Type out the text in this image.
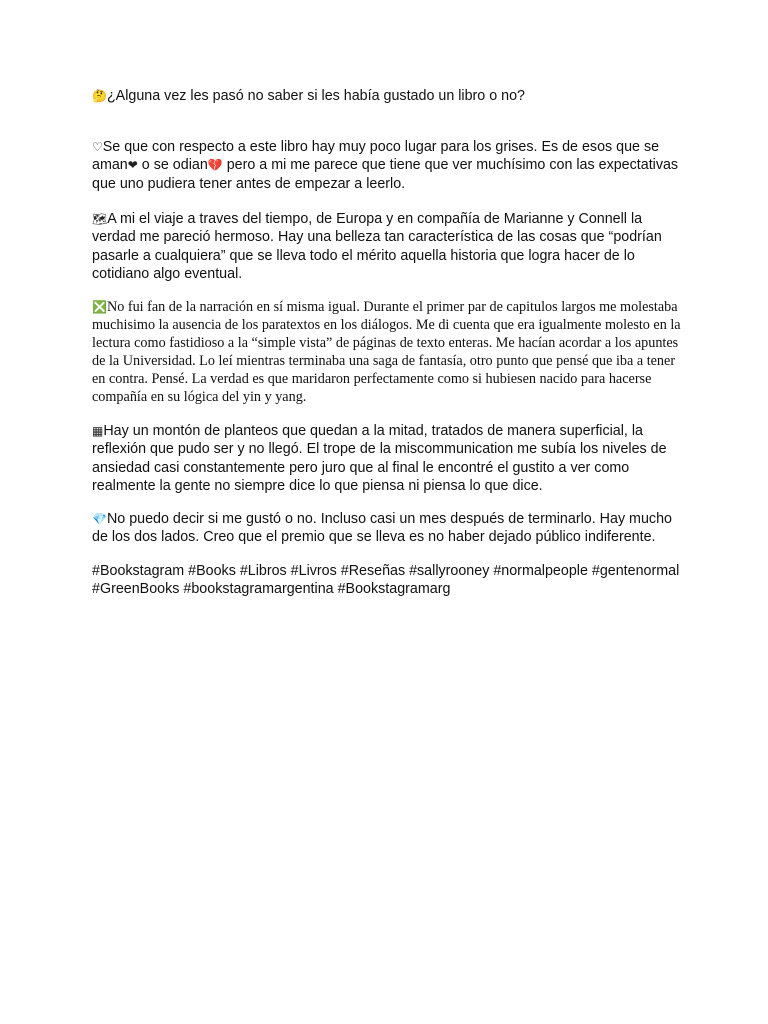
🤔¿Alguna vez les pasó no saber si les había gustado un libro o no?

♡Se que con respecto a este libro hay muy poco lugar para los grises. Es de esos que se aman❤ o se odian💔 pero a mi me parece que tiene que ver muchísimo con las expectativas que uno pudiera tener antes de empezar a leerlo.

🗺A mi el viaje a traves del tiempo, de Europa y en compañía de Marianne y Connell la verdad me pareció hermoso. Hay una belleza tan característica de las cosas que “podrían pasarle a cualquiera” que se lleva todo el mérito aquella historia que logra hacer de lo cotidiano algo eventual.

❎No fui fan de la narración en sí misma igual. Durante el primer par de capitulos largos me molestaba muchisimo la ausencia de los paratextos en los diálogos. Me di cuenta que era igualmente molesto en la lectura como fastidioso a la “simple vista” de páginas de texto enteras. Me hacían acordar a los apuntes de la Universidad. Lo leí mientras terminaba una saga de fantasía, otro punto que pensé que iba a tener en contra. Pensé. La verdad es que maridaron perfectamente como si hubiesen nacido para hacerse compañía en su lógica del yin y yang.

▦Hay un montón de planteos que quedan a la mitad, tratados de manera superficial, la reflexión que pudo ser y no llegó. El trope de la miscommunication me subía los niveles de ansiedad casi constantemente pero juro que al final le encontré el gustito a ver como realmente la gente no siempre dice lo que piensa ni piensa lo que dice.

💎No puedo decir si me gustó o no. Incluso casi un mes después de terminarlo. Hay mucho de los dos lados. Creo que el premio que se lleva es no haber dejado público indiferente.

#Bookstagram #Books #Libros #Livros #Reseñas #sallyrooney #normalpeople #gentenormal #GreenBooks #bookstagramargentina #Bookstagramarg
